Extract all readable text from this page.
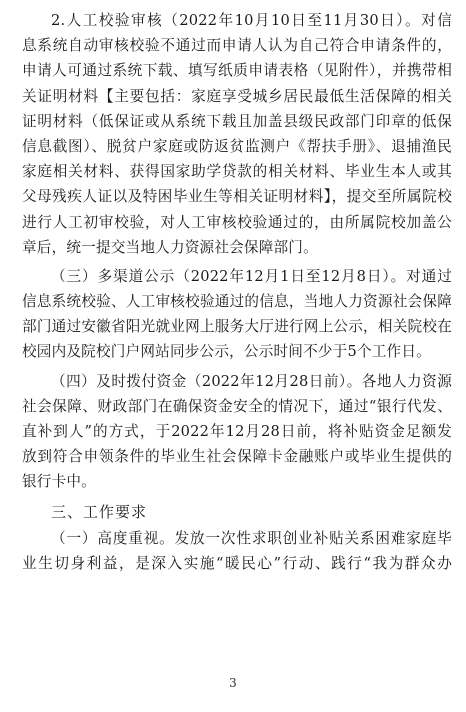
2.人工校验审核（2022年10月10日至11月30日）。对信
息系统自动审核校验不通过而申请人认为自己符合申请条件的，
申请人可通过系统下载、填写纸质申请表格（见附件），并携带相
关证明材料【主要包括：家庭享受城乡居民最低生活保障的相关
证明材料（低保证或从系统下载且加盖县级民政部门印章的低保
信息截图）、脱贫户家庭或防返贫监测户《帮扶手册》、退捕渔民
家庭相关材料、获得国家助学贷款的相关材料、毕业生本人或其
父母残疾人证以及特困毕业生等相关证明材料】，提交至所属院校
进行人工初审校验，对人工审核校验通过的，由所属院校加盖公
章后，统一提交当地人力资源社会保障部门。
（三）多渠道公示（2022年12月1日至12月8日）。对通过
信息系统校验、人工审核校验通过的信息，当地人力资源社会保障
部门通过安徽省阳光就业网上服务大厅进行网上公示，相关院校在
校园内及院校门户网站同步公示，公示时间不少于5个工作日。
（四）及时拨付资金（2022年12月28日前）。各地人力资源
社会保障、财政部门在确保资金安全的情况下，通过“银行代发、
直补到人”的方式，于2022年12月28日前，将补贴资金足额发
放到符合申领条件的毕业生社会保障卡金融账户或毕业生提供的
银行卡中。
三、工作要求
（一）高度重视。发放一次性求职创业补贴关系困难家庭毕
业生切身利益，是深入实施“暖民心”行动、践行“我为群众办
3
